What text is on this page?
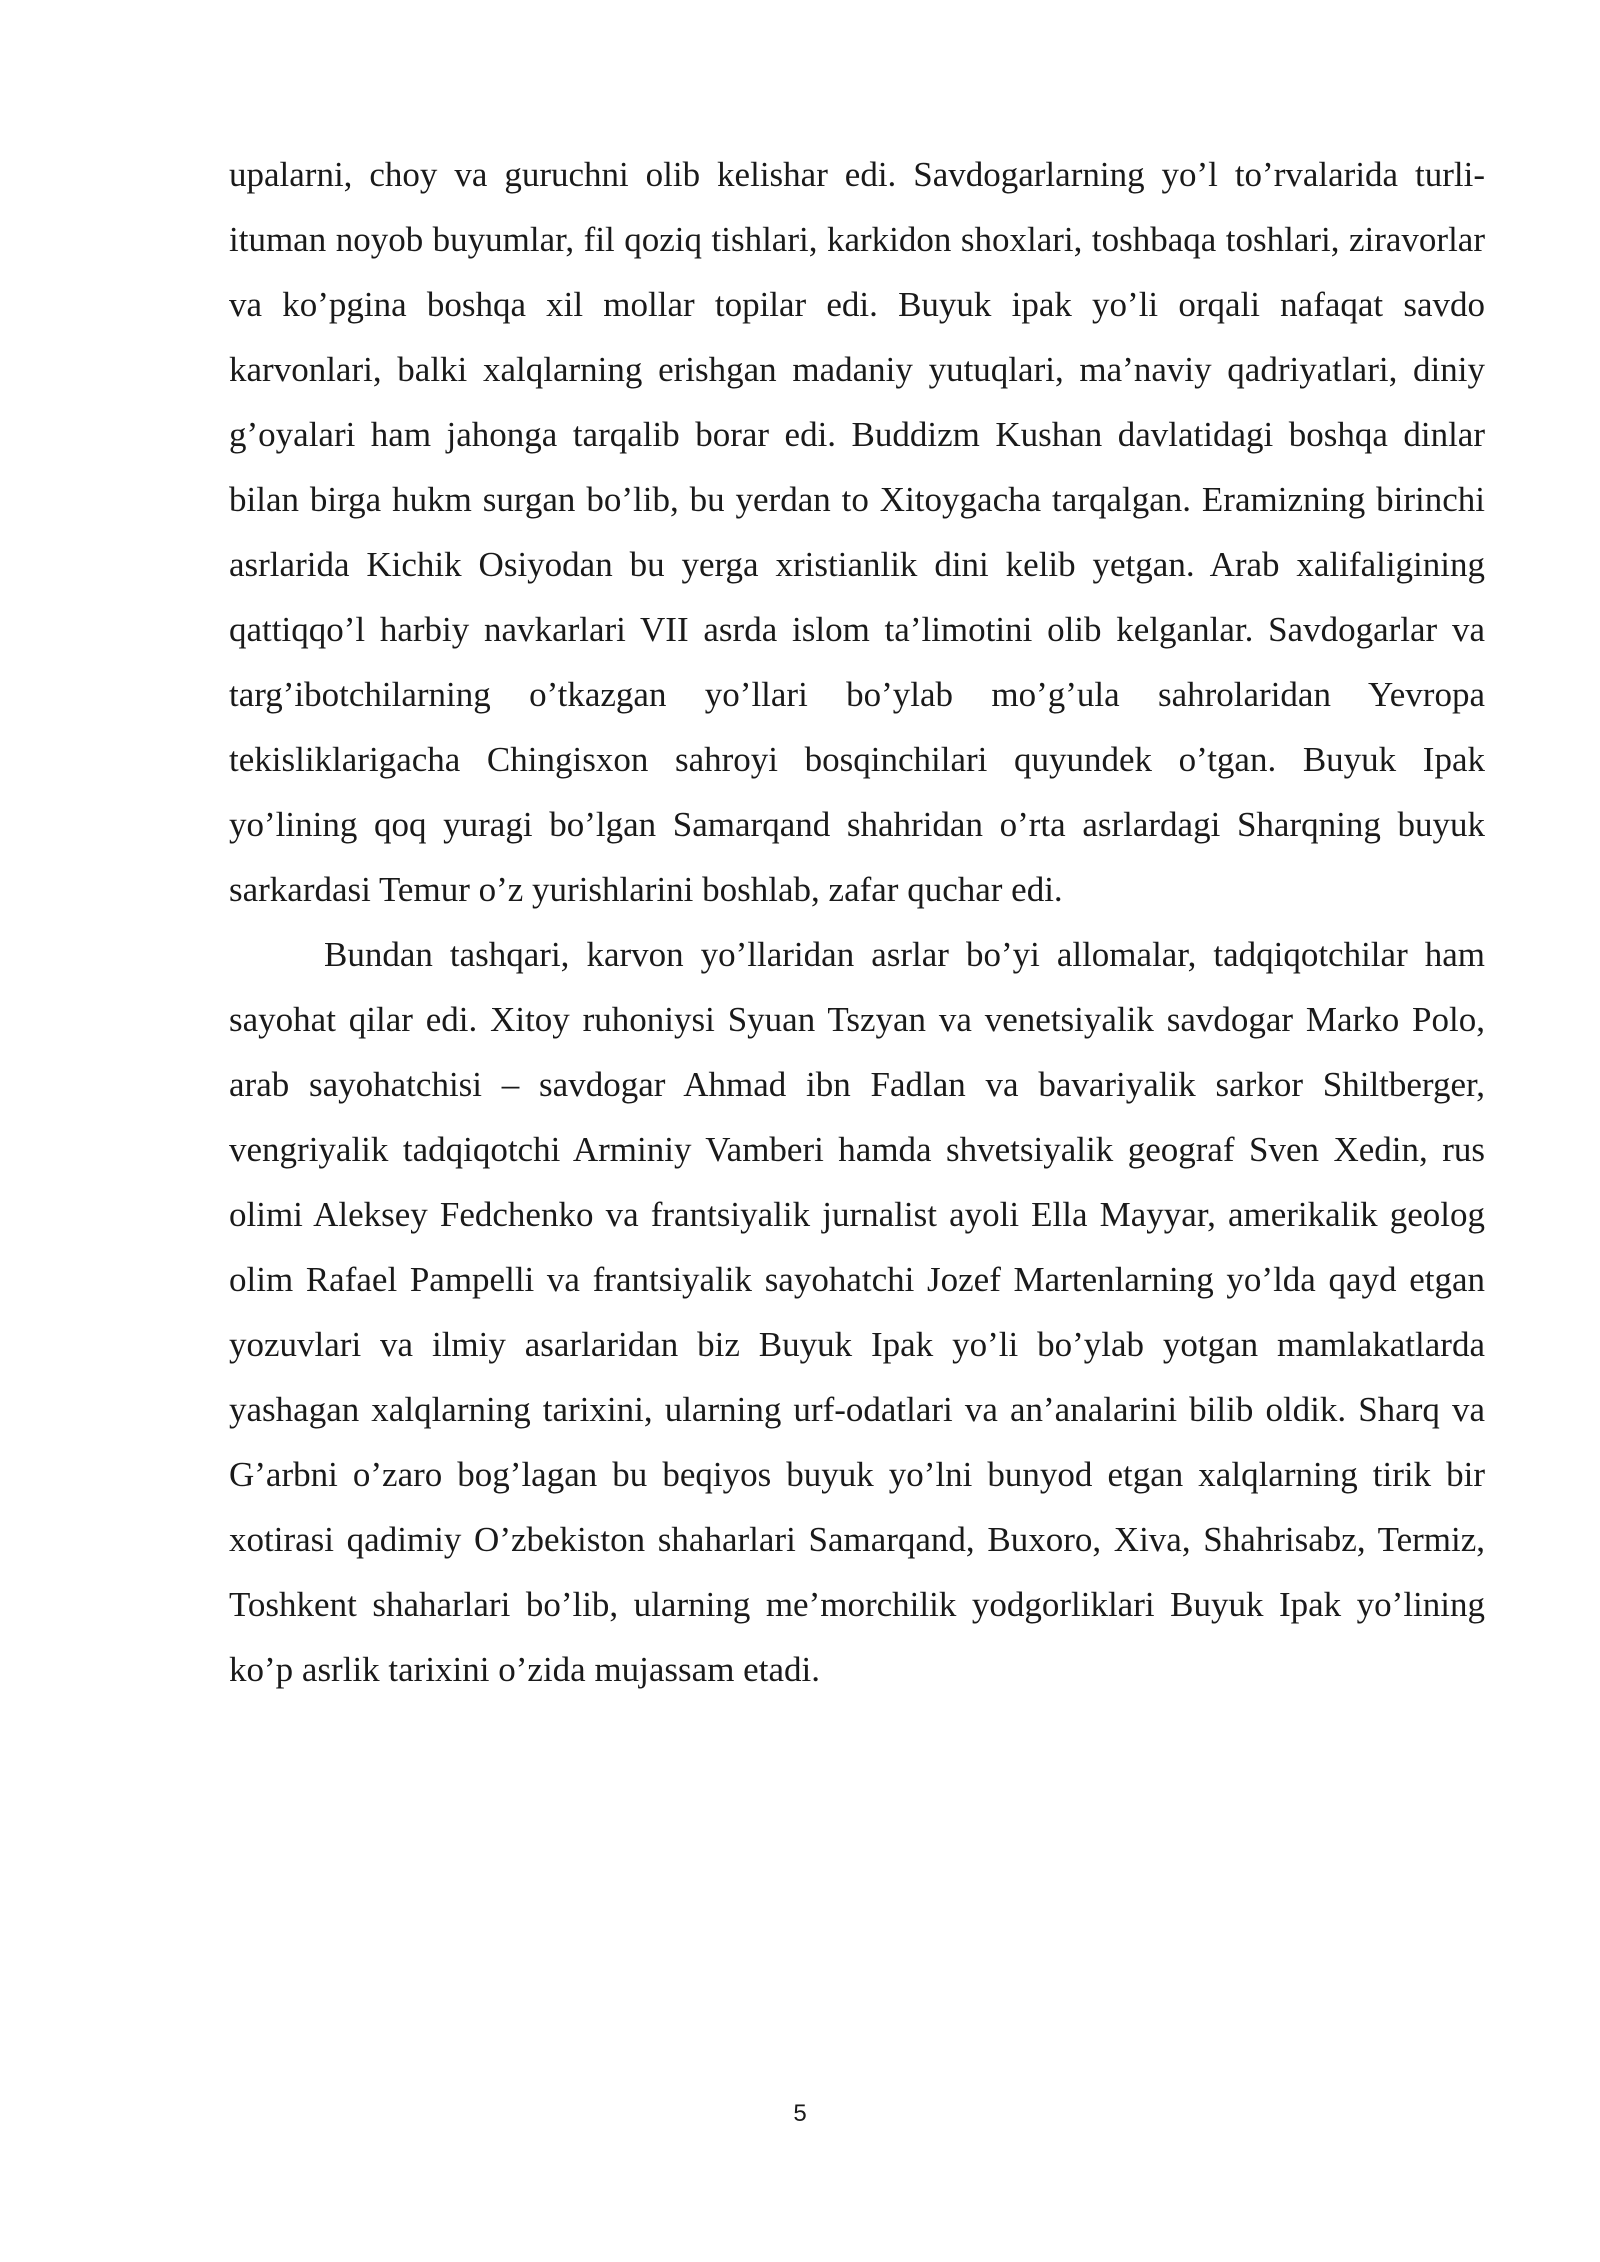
upalarni, choy va guruchni olib kelishar edi. Savdogarlarning yo’l to’rvalarida turli-ituman noyob buyumlar, fil qoziq tishlari, karkidon shoxlari, toshbaqa toshlari, ziravorlar va ko’pgina boshqa xil mollar topilar edi. Buyuk ipak yo’li orqali nafaqat savdo karvonlari, balki xalqlarning erishgan madaniy yutuqlari, ma’naviy qadriyatlari, diniy g’oyalari ham jahonga tarqalib borar edi. Buddizm Kushan davlatidagi boshqa dinlar bilan birga hukm surgan bo’lib, bu yerdan to Xitoygacha tarqalgan. Eramizning birinchi asrlarida Kichik Osiyodan bu yerga xristianlik dini kelib yetgan. Arab xalifaligining qattiqqo’l harbiy navkarlari VII asrda islom ta’limotini olib kelganlar. Savdogarlar va targ’ibotchilarning o’tkazgan yo’llari bo’ylab mo’g’ula sahrolaridan Yevropa tekisliklarigacha Chingisxon sahroyi bosqinchilari quyundek o’tgan. Buyuk Ipak yo’lining qoq yuragi bo’lgan Samarqand shahridan o’rta asrlardagi Sharqning buyuk sarkardasi Temur o’z yurishlarini boshlab, zafar quchar edi.

Bundan tashqari, karvon yo’llaridan asrlar bo’yi allomalar, tadqiqotchilar ham sayohat qilar edi. Xitoy ruhoniysi Syuan Tszyan va venetsiyalik savdogar Marko Polo, arab sayohatchisi – savdogar Ahmad ibn Fadlan va bavariyalik sarkor Shiltberger, vengriyalik tadqiqotchi Arminiy Vamberi hamda shvetsiyalik geograf Sven Xedin, rus olimi Aleksey Fedchenko va frantsiyalik jurnalist ayoli Ella Mayyar, amerikalik geolog olim Rafael Pampelli va frantsiyalik sayohatchi Jozef Martenlarning yo’lda qayd etgan yozuvlari va ilmiy asarlaridan biz Buyuk Ipak yo’li bo’ylab yotgan mamlakatlarda yashagan xalqlarning tarixini, ularning urf-odatlari va an’analarini bilib oldik. Sharq va G’arbni o’zaro bog’lagan bu beqiyos buyuk yo’lni bunyod etgan xalqlarning tirik bir xotirasi qadimiy O’zbekiston shaharlari Samarqand, Buxoro, Xiva, Shahrisabz, Termiz, Toshkent shaharlari bo’lib, ularning me’morchilik yodgorliklari Buyuk Ipak yo’lining ko’p asrlik tarixini o’zida mujassam etadi.

5
